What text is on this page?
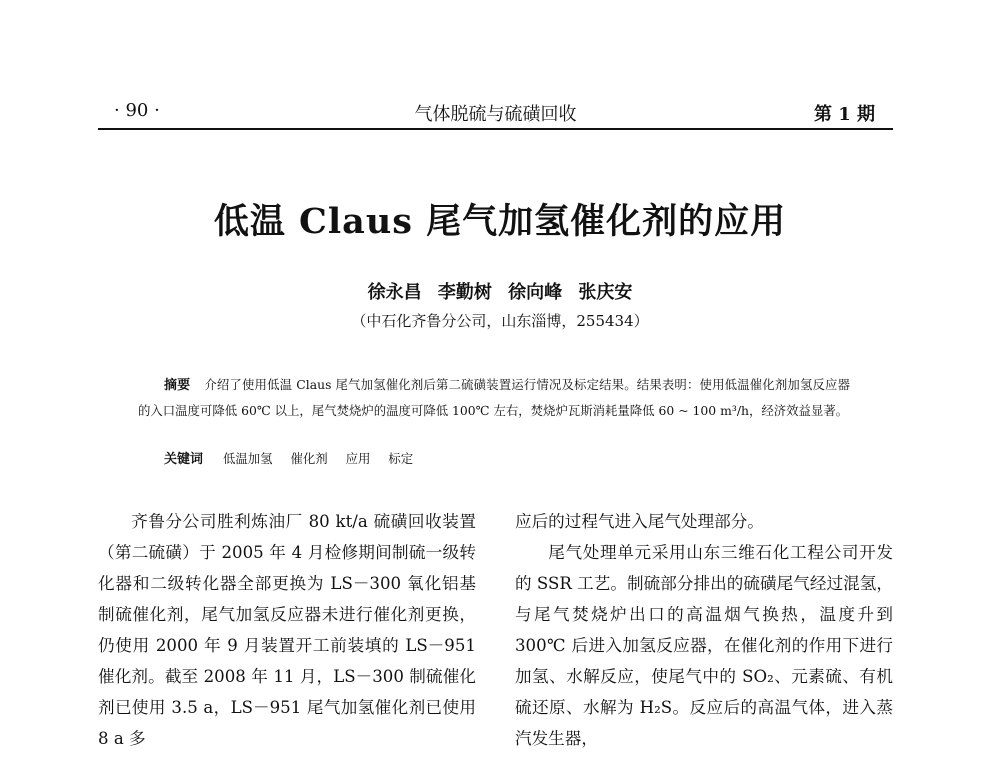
· 90 ·	气体脱硫与硫磺回收	第 1 期
低温 Claus 尾气加氢催化剂的应用
徐永昌 李勤树 徐向峰 张庆安
（中石化齐鲁分公司，山东淄博，255434）
摘要 介绍了使用低温 Claus 尾气加氢催化剂后第二硫磺装置运行情况及标定结果。结果表明：使用低温催化剂加氢反应器的入口温度可降低 60℃ 以上，尾气焚烧炉的温度可降低 100℃ 左右，焚烧炉瓦斯消耗量降低 60 ~ 100 m³/h，经济效益显著。
关键词 低温加氢 催化剂 应用 标定

齐鲁分公司胜利炼油厂 80 kt/a 硫磺回收装置（第二硫磺）于 2005 年 4 月检修期间制硫一级转化器和二级转化器全部更换为 LS－300 氧化铝基制硫催化剂，尾气加氢反应器未进行催化剂更换，仍使用 2000 年 9 月装置开工前装填的 LS－951 催化剂。截至 2008 年 11 月，LS－300 制硫催化剂已使用 3.5 a，LS－951 尾气加氢催化剂已使用 8 a 多

应后的过程气进入尾气处理部分。

尾气处理单元采用山东三维石化工程公司开发的 SSR 工艺。制硫部分排出的硫磺尾气经过混氢，与尾气焚烧炉出口的高温烟气换热，温度升到 300℃ 后进入加氢反应器，在催化剂的作用下进行加氢、水解反应，使尾气中的 SO₂、元素硫、有机硫还原、水解为 H₂S。反应后的高温气体，进入蒸汽发生器，
